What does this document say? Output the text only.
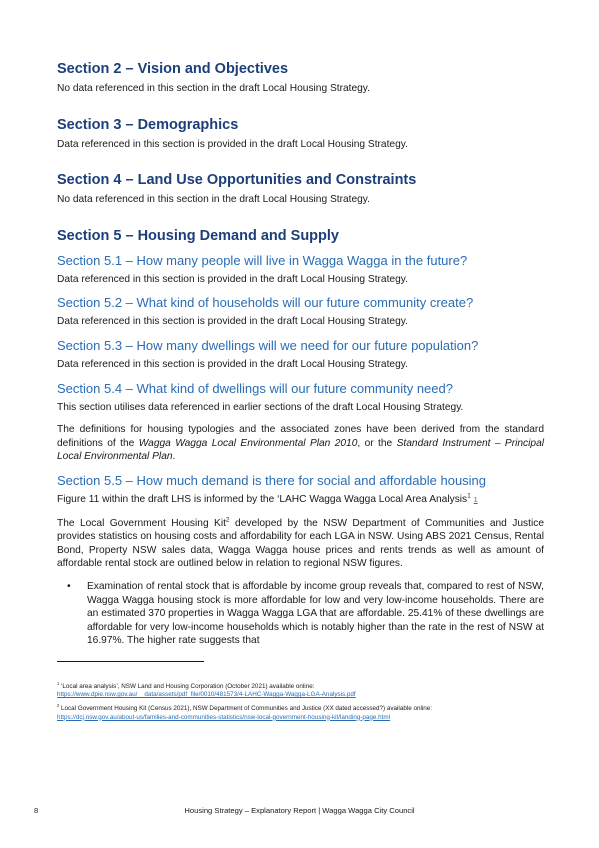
Section 2 – Vision and Objectives

No data referenced in this section in the draft Local Housing Strategy.

Section 3 – Demographics

Data referenced in this section is provided in the draft Local Housing Strategy.

Section 4 – Land Use Opportunities and Constraints

No data referenced in this section in the draft Local Housing Strategy.

Section 5 – Housing Demand and Supply
Section 5.1 – How many people will live in Wagga Wagga in the future?

Data referenced in this section is provided in the draft Local Housing Strategy.

Section 5.2 – What kind of households will our future community create?

Data referenced in this section is provided in the draft Local Housing Strategy.

Section 5.3 – How many dwellings will we need for our future population?

Data referenced in this section is provided in the draft Local Housing Strategy.

Section 5.4 – What kind of dwellings will our future community need?

This section utilises data referenced in earlier sections of the draft Local Housing Strategy.

The definitions for housing typologies and the associated zones have been derived from the standard definitions of the Wagga Wagga Local Environmental Plan 2010, or the Standard Instrument – Principal Local Environmental Plan.

Section 5.5 – How much demand is there for social and affordable housing

Figure 11 within the draft LHS is informed by the ‘LAHC Wagga Wagga Local Area Analysis$^1$ 1

The Local Government Housing Kit$^2$ developed by the NSW Department of Communities and Justice provides statistics on housing costs and affordability for each LGA in NSW. Using ABS 2021 Census, Rental Bond, Property NSW sales data, Wagga Wagga house prices and rents trends as well as amount of affordable rental stock are outlined below in relation to regional NSW figures.

• Examination of rental stock that is affordable by income group reveals that, compared to rest of NSW, Wagga Wagga housing stock is more affordable for low and very low-income households. There are an estimated 370 properties in Wagga Wagga LGA that are affordable. 25.41% of these dwellings are affordable for very low-income households which is notably higher than the rate in the rest of NSW at 16.97%. The higher rate suggests that

$^1$ ‘Local area analysis’, NSW Land and Housing Corporation (October 2021) available online:
https://www.dpie.nsw.gov.au/__data/assets/pdf_file/0010/481573/4-LAHC-Wagga-Wagga-LGA-Analysis.pdf

$^2$ Local Government Housing Kit (Census 2021), NSW Department of Communities and Justice (XX dated accessed?) available online:
https://dcj.nsw.gov.au/about-us/families-and-communities-statistics/nsw-local-government-housing-kit/landing-page.html

8	Housing Strategy – Explanatory Report | Wagga Wagga City Council
